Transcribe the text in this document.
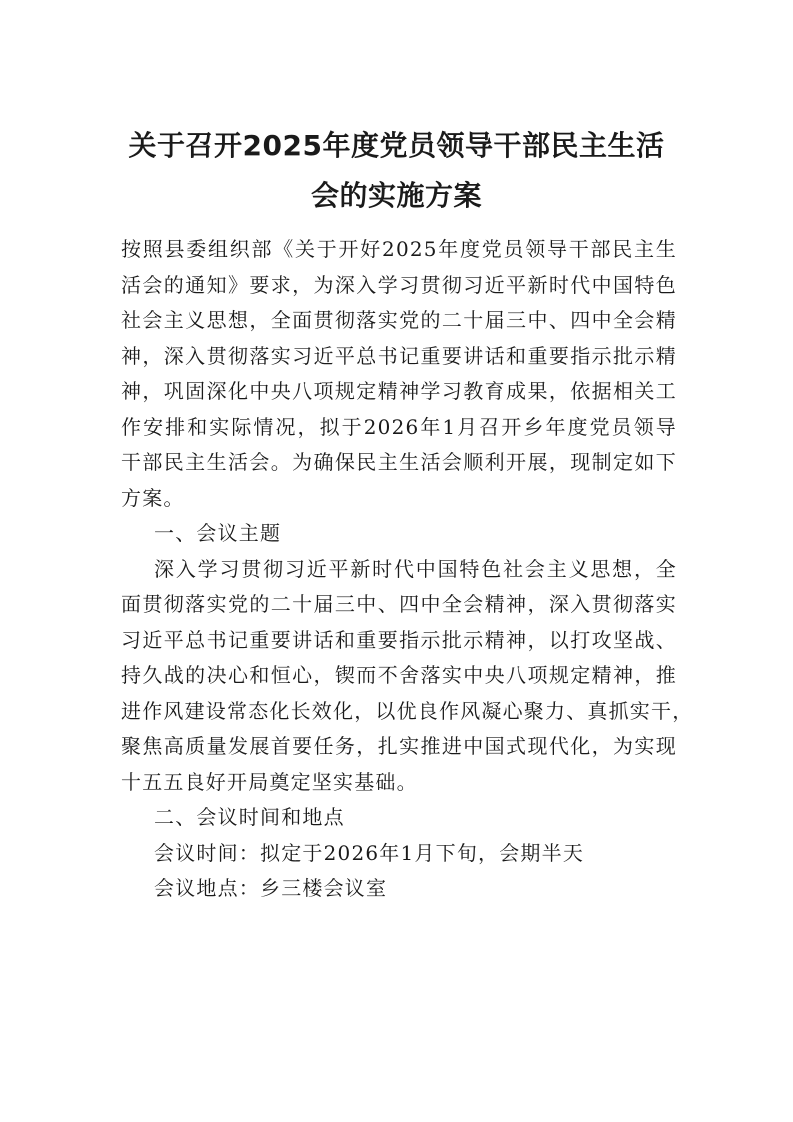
关于召开2025年度党员领导干部民主生活
会的实施方案

按照县委组织部《关于开好2025年度党员领导干部民主生
活会的通知》要求，为深入学习贯彻习近平新时代中国特色
社会主义思想，全面贯彻落实党的二十届三中、四中全会精
神，深入贯彻落实习近平总书记重要讲话和重要指示批示精
神，巩固深化中央八项规定精神学习教育成果，依据相关工
作安排和实际情况，拟于2026年1月召开乡年度党员领导
干部民主生活会。为确保民主生活会顺利开展，现制定如下
方案。

一、会议主题

深入学习贯彻习近平新时代中国特色社会主义思想，全
面贯彻落实党的二十届三中、四中全会精神，深入贯彻落实
习近平总书记重要讲话和重要指示批示精神，以打攻坚战、
持久战的决心和恒心，锲而不舍落实中央八项规定精神，推
进作风建设常态化长效化，以优良作风凝心聚力、真抓实干，
聚焦高质量发展首要任务，扎实推进中国式现代化，为实现
十五五良好开局奠定坚实基础。

二、会议时间和地点

会议时间：拟定于2026年1月下旬，会期半天

会议地点：乡三楼会议室
